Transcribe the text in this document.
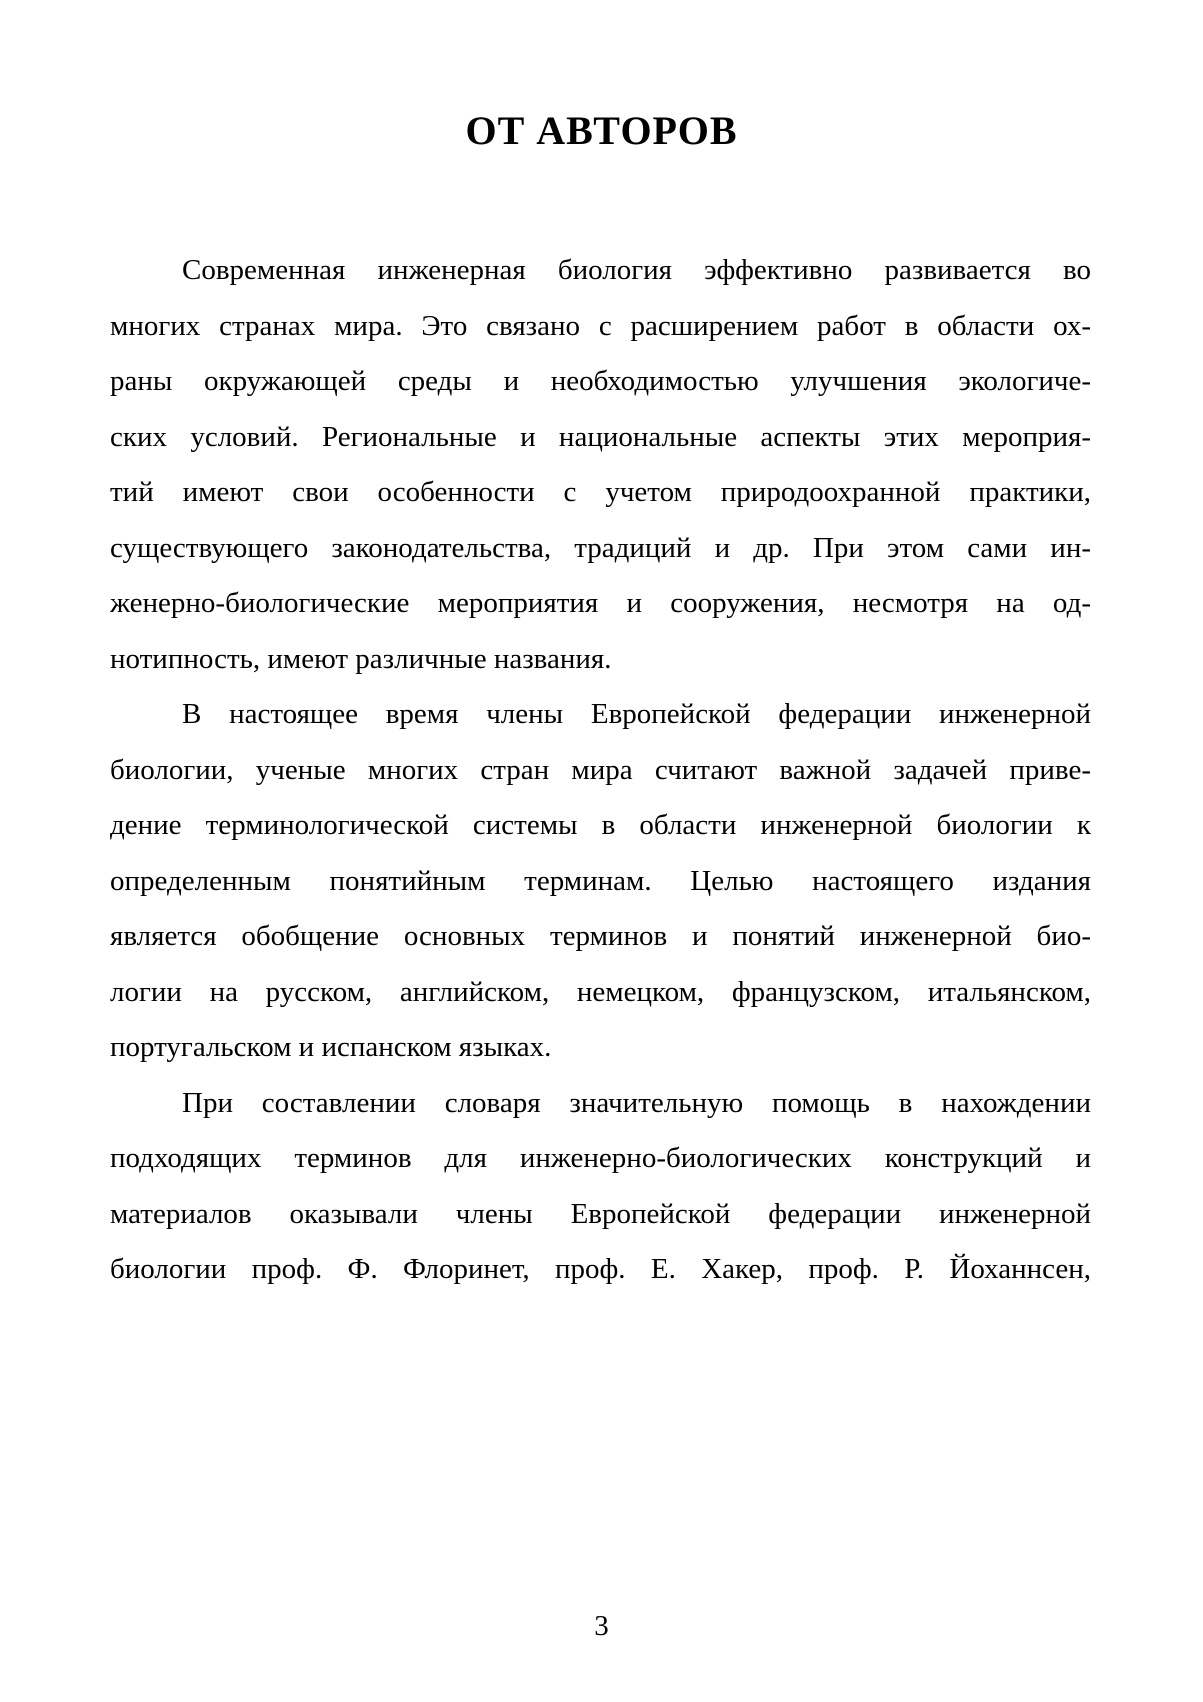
ОТ АВТОРОВ
Современная инженерная биология эффективно развивается во
многих странах мира. Это связано с расширением работ в области ох-
раны окружающей среды и необходимостью улучшения экологиче-
ских условий. Региональные и национальные аспекты этих мероприя-
тий имеют свои особенности с учетом природоохранной практики,
существующего законодательства, традиций и др. При этом сами ин-
женерно-биологические мероприятия и сооружения, несмотря на од-
нотипность, имеют различные названия.
В настоящее время члены Европейской федерации инженерной
биологии, ученые многих стран мира считают важной задачей приве-
дение терминологической системы в области инженерной биологии к
определенным понятийным терминам. Целью настоящего издания
является обобщение основных терминов и понятий инженерной био-
логии на русском, английском, немецком, французском, итальянском,
португальском и испанском языках.
При составлении словаря значительную помощь в нахождении
подходящих терминов для инженерно-биологических конструкций и
материалов оказывали члены Европейской федерации инженерной
биологии проф. Ф. Флоринет, проф. Е. Хакер, проф. Р. Йоханнсен,
3
